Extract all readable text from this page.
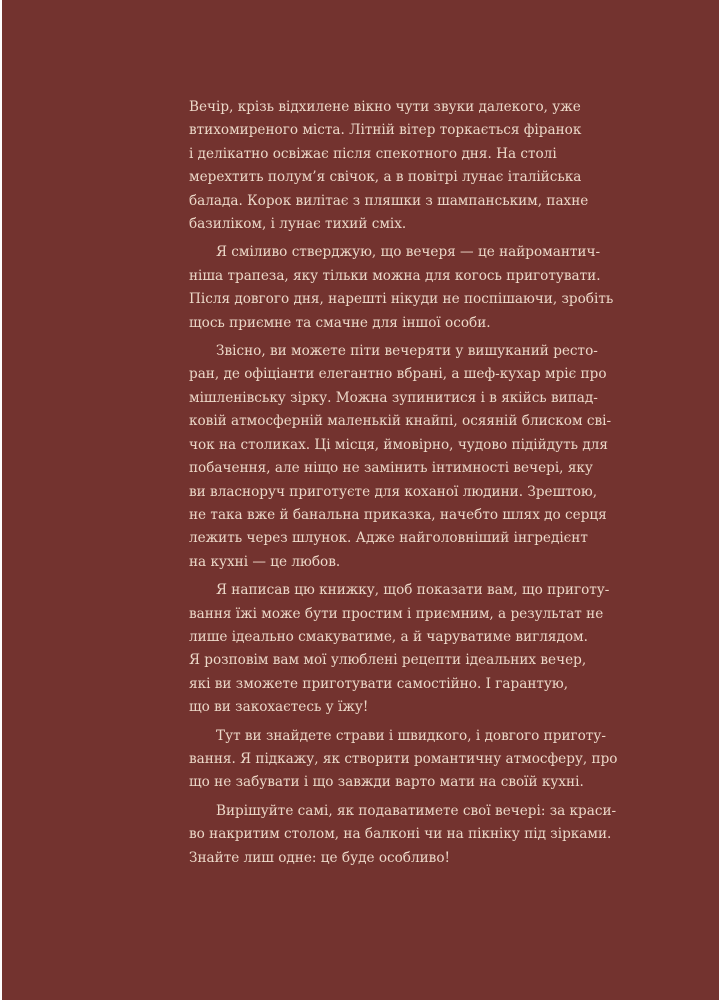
Вечір, крізь відхилене вікно чути звуки далекого, уже
втихомиреного міста. Літній вітер торкається фіранок
і делікатно освіжає після спекотного дня. На столі
мерехтить полум’я свічок, а в повітрі лунає італійська
балада. Корок вилітає з пляшки з шампанським, пахне
базиліком, і лунає тихий сміх.

Я сміливо стверджую, що вечеря — це найромантич-
ніша трапеза, яку тільки можна для когось приготувати.
Після довгого дня, нарешті нікуди не поспішаючи, зробіть
щось приємне та смачне для іншої особи.

Звісно, ви можете піти вечеряти у вишуканий ресто-
ран, де офіціанти елегантно вбрані, а шеф-кухар мріє про
мішленівську зірку. Можна зупинитися і в якійсь випад-
ковій атмосферній маленькій кнайпі, осяяній блиском сві-
чок на столиках. Ці місця, ймовірно, чудово підійдуть для
побачення, але ніщо не замінить інтимності вечері, яку
ви власноруч приготуєте для коханої людини. Зрештою,
не така вже й банальна приказка, начебто шлях до серця
лежить через шлунок. Адже найголовніший інгредієнт
на кухні — це любов.

Я написав цю книжку, щоб показати вам, що приготу-
вання їжі може бути простим і приємним, а результат не
лише ідеально смакуватиме, а й чаруватиме виглядом.
Я розповім вам мої улюблені рецепти ідеальних вечер,
які ви зможете приготувати самостійно. І гарантую,
що ви закохаєтесь у їжу!

Тут ви знайдете страви і швидкого, і довгого приготу-
вання. Я підкажу, як створити романтичну атмосферу, про
що не забувати і що завжди варто мати на своїй кухні.

Вирішуйте самі, як подаватимете свої вечері: за краси-
во накритим столом, на балконі чи на пікніку під зірками.
Знайте лиш одне: це буде особливо!
